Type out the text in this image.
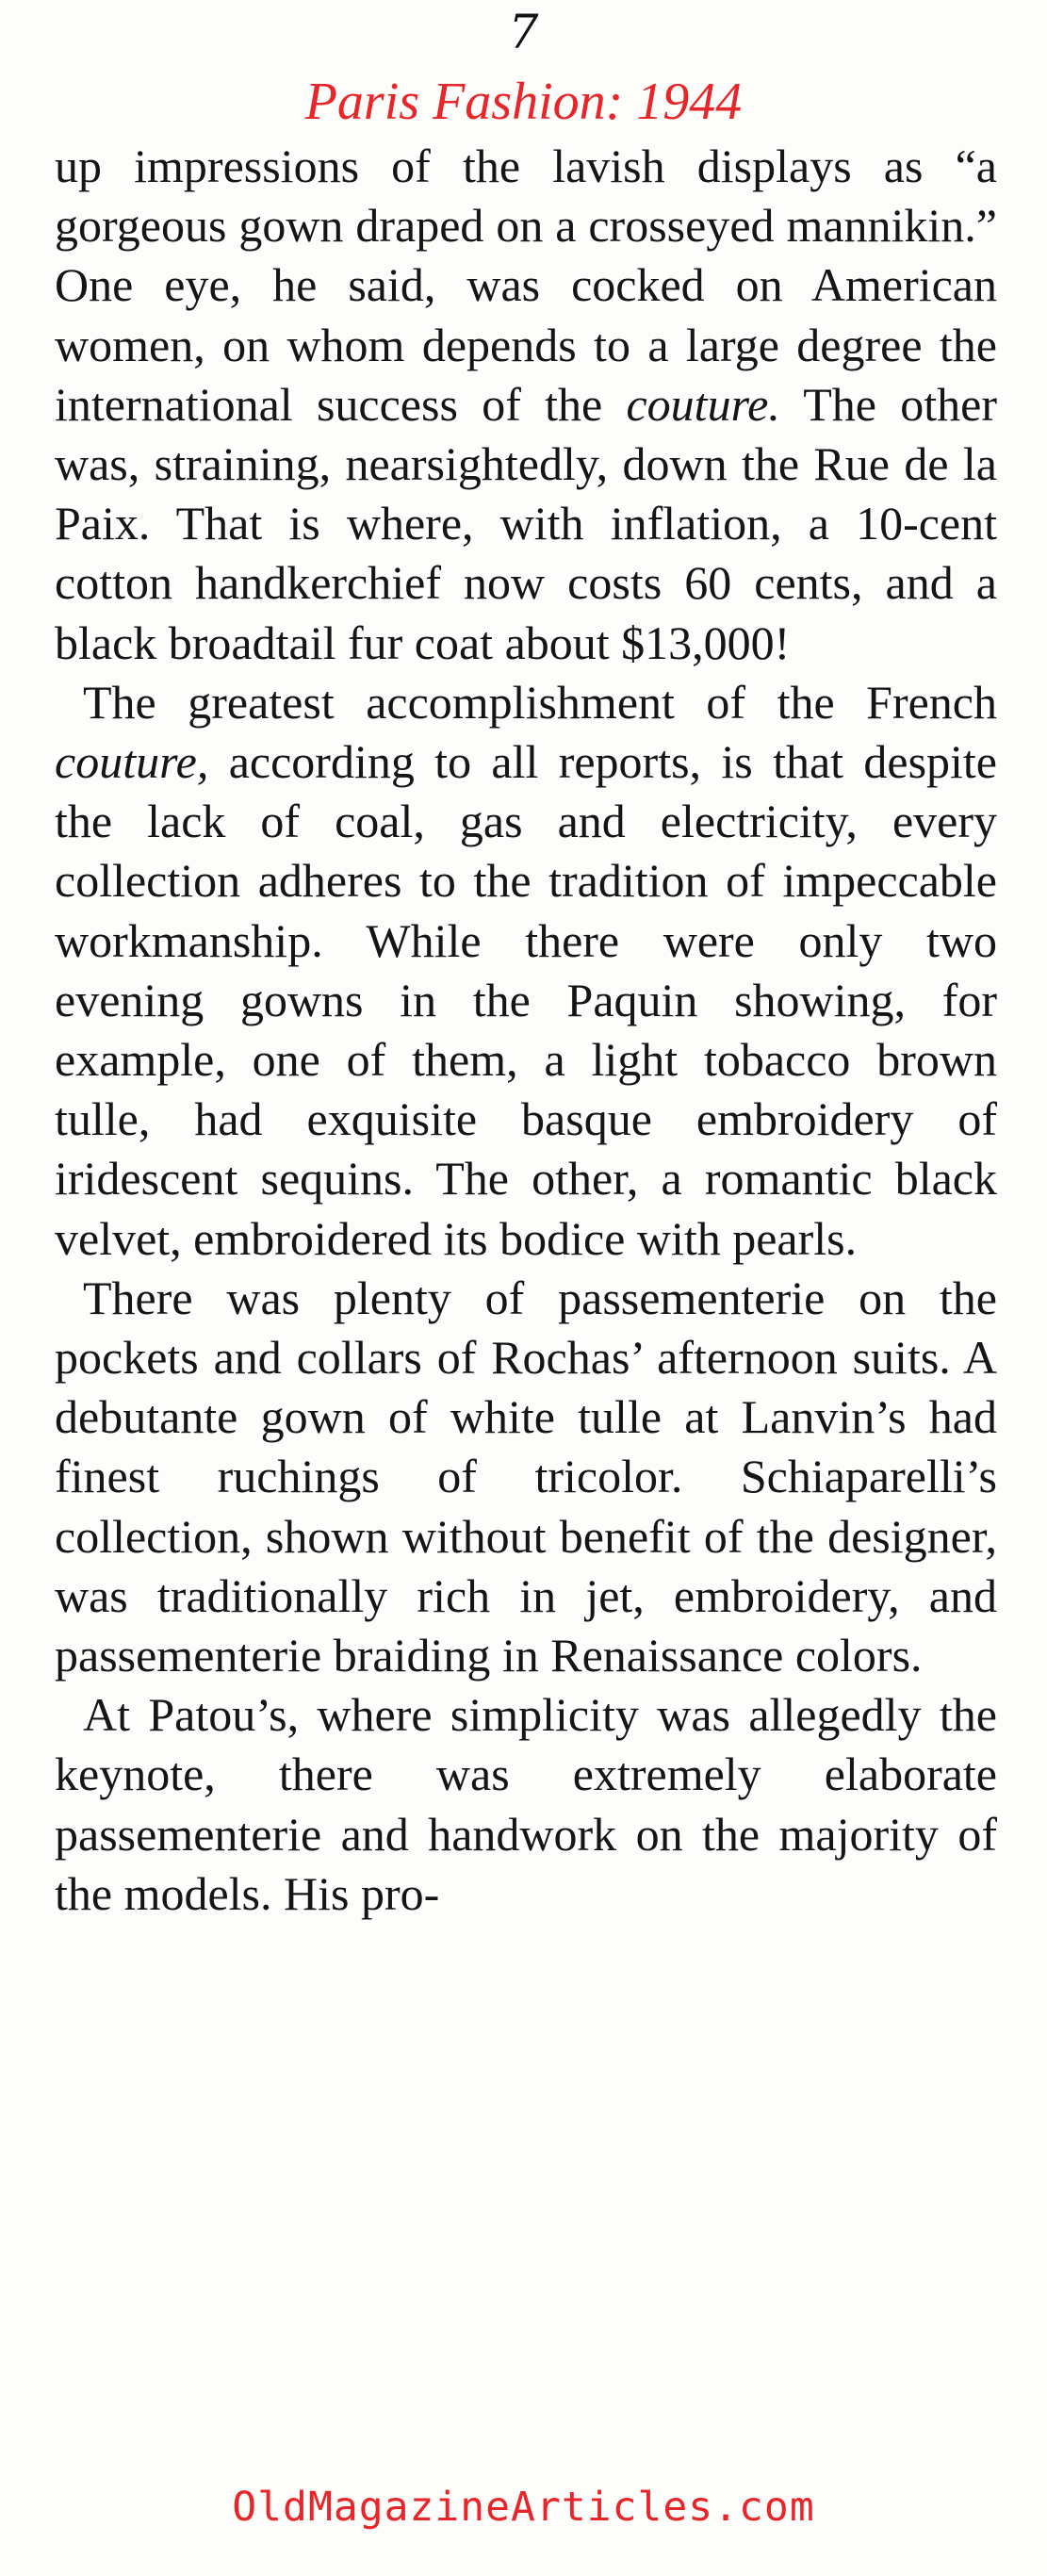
7
Paris Fashion: 1944

up impressions of the lavish displays as “a gorgeous gown draped on a crosseyed mannikin.” One eye, he said, was cocked on American women, on whom depends to a large degree the international success of the couture. The other was, straining, nearsightedly, down the Rue de la Paix. That is where, with inflation, a 10-cent cotton handkerchief now costs 60 cents, and a black broadtail fur coat about $13,000!

The greatest accomplishment of the French couture, according to all reports, is that despite the lack of coal, gas and electricity, every collection adheres to the tradition of impeccable workmanship. While there were only two evening gowns in the Paquin showing, for example, one of them, a light tobacco brown tulle, had exquisite basque embroidery of iridescent sequins. The other, a romantic black velvet, embroidered its bodice with pearls.

There was plenty of passementerie on the pockets and collars of Rochas’ afternoon suits. A debutante gown of white tulle at Lanvin’s had finest ruchings of tricolor. Schiaparelli’s collection, shown without benefit of the designer, was traditionally rich in jet, embroidery, and passementerie braiding in Renaissance colors.

At Patou’s, where simplicity was allegedly the keynote, there was extremely elaborate passementerie and handwork on the majority of the models. His pro-

OldMagazineArticles.com
